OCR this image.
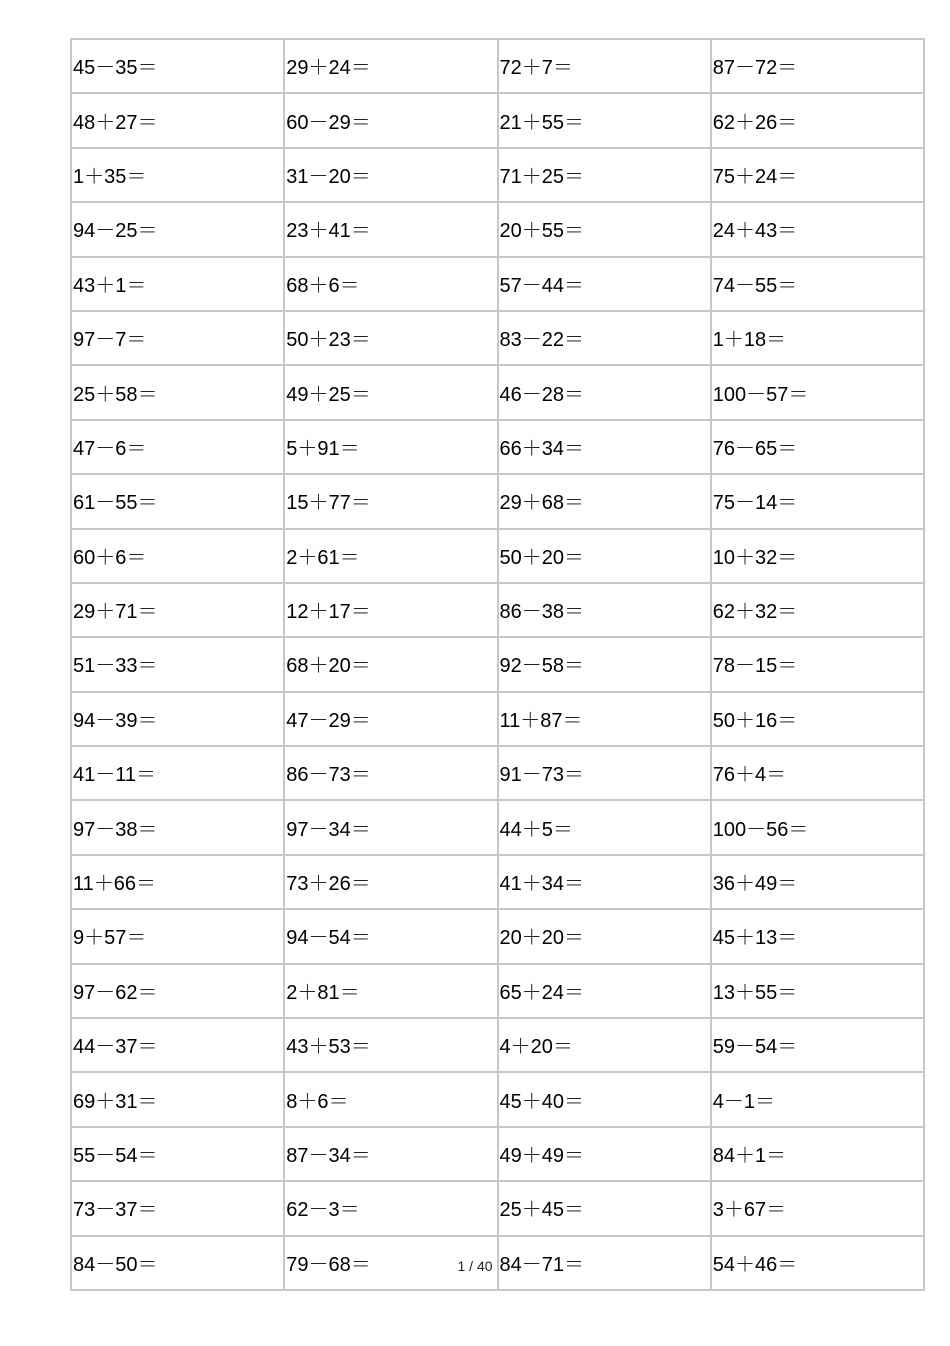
45－35＝	29＋24＝	72＋7＝	87－72＝
48＋27＝	60－29＝	21＋55＝	62＋26＝
1＋35＝	31－20＝	71＋25＝	75＋24＝
94－25＝	23＋41＝	20＋55＝	24＋43＝
43＋1＝	68＋6＝	57－44＝	74－55＝
97－7＝	50＋23＝	83－22＝	1＋18＝
25＋58＝	49＋25＝	46－28＝	100－57＝
47－6＝	5＋91＝	66＋34＝	76－65＝
61－55＝	15＋77＝	29＋68＝	75－14＝
60＋6＝	2＋61＝	50＋20＝	10＋32＝
29＋71＝	12＋17＝	86－38＝	62＋32＝
51－33＝	68＋20＝	92－58＝	78－15＝
94－39＝	47－29＝	11＋87＝	50＋16＝
41－11＝	86－73＝	91－73＝	76＋4＝
97－38＝	97－34＝	44＋5＝	100－56＝
11＋66＝	73＋26＝	41＋34＝	36＋49＝
9＋57＝	94－54＝	20＋20＝	45＋13＝
97－62＝	2＋81＝	65＋24＝	13＋55＝
44－37＝	43＋53＝	4＋20＝	59－54＝
69＋31＝	8＋6＝	45＋40＝	4－1＝
55－54＝	87－34＝	49＋49＝	84＋1＝
73－37＝	62－3＝	25＋45＝	3＋67＝
84－50＝	79－68＝	84－71＝	54＋46＝
1 / 40
